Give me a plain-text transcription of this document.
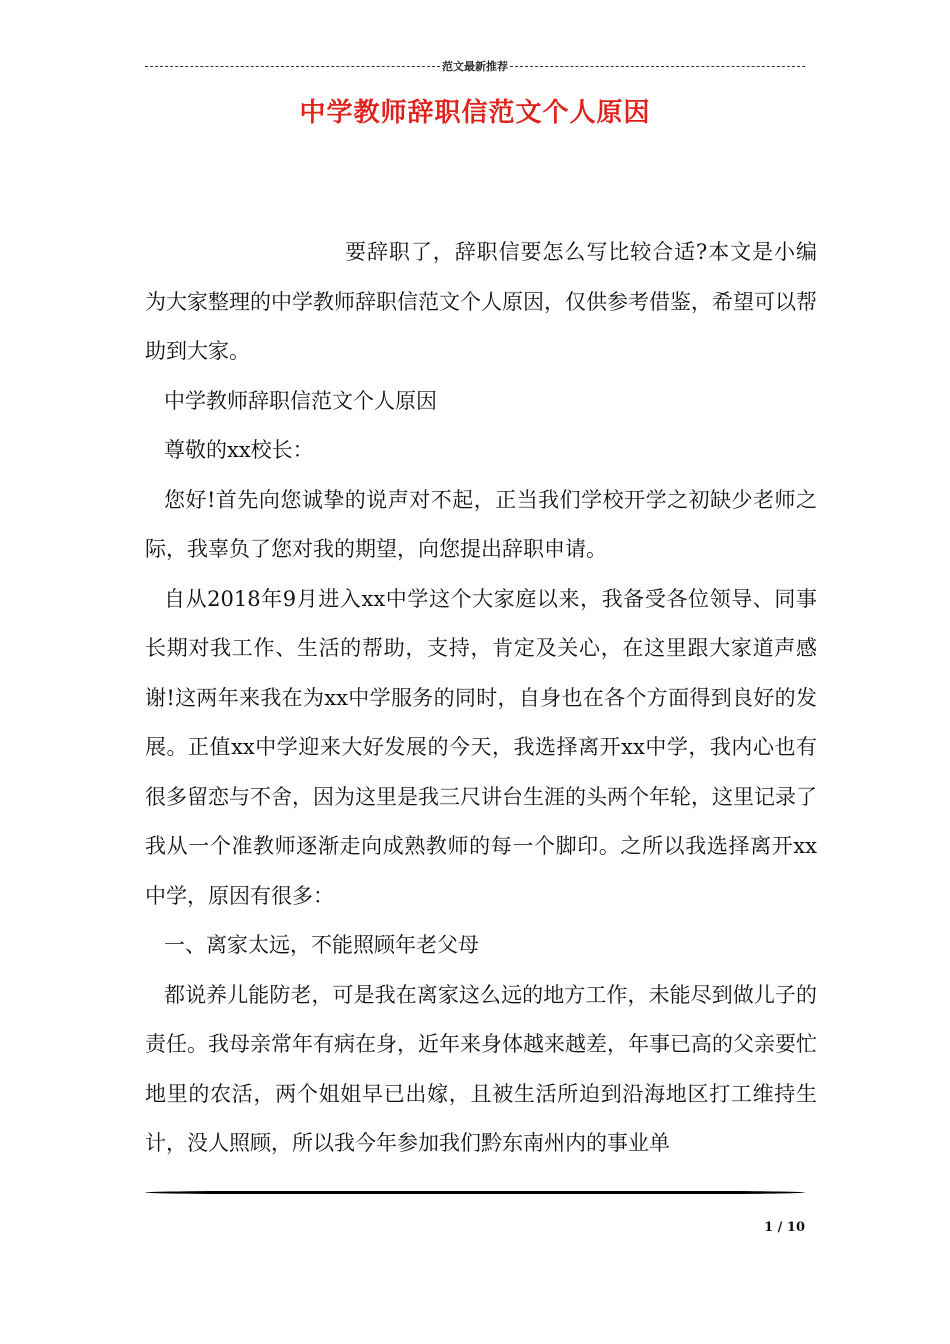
范文最新推荐
中学教师辞职信范文个人原因

要辞职了，辞职信要怎么写比较合适?本文是小编为大家整理的中学教师辞职信范文个人原因，仅供参考借鉴，希望可以帮助到大家。

中学教师辞职信范文个人原因

尊敬的xx校长：

您好!首先向您诚挚的说声对不起，正当我们学校开学之初缺少老师之际，我辜负了您对我的期望，向您提出辞职申请。

自从2018年9月进入xx中学这个大家庭以来，我备受各位领导、同事长期对我工作、生活的帮助，支持，肯定及关心，在这里跟大家道声感谢!这两年来我在为xx中学服务的同时，自身也在各个方面得到良好的发展。正值xx中学迎来大好发展的今天，我选择离开xx中学，我内心也有很多留恋与不舍，因为这里是我三尺讲台生涯的头两个年轮，这里记录了我从一个准教师逐渐走向成熟教师的每一个脚印。之所以我选择离开xx中学，原因有很多：

一、离家太远，不能照顾年老父母

都说养儿能防老，可是我在离家这么远的地方工作，未能尽到做儿子的责任。我母亲常年有病在身，近年来身体越来越差，年事已高的父亲要忙地里的农活，两个姐姐早已出嫁，且被生活所迫到沿海地区打工维持生计，没人照顾，所以我今年参加我们黔东南州内的事业单

1 / 10
